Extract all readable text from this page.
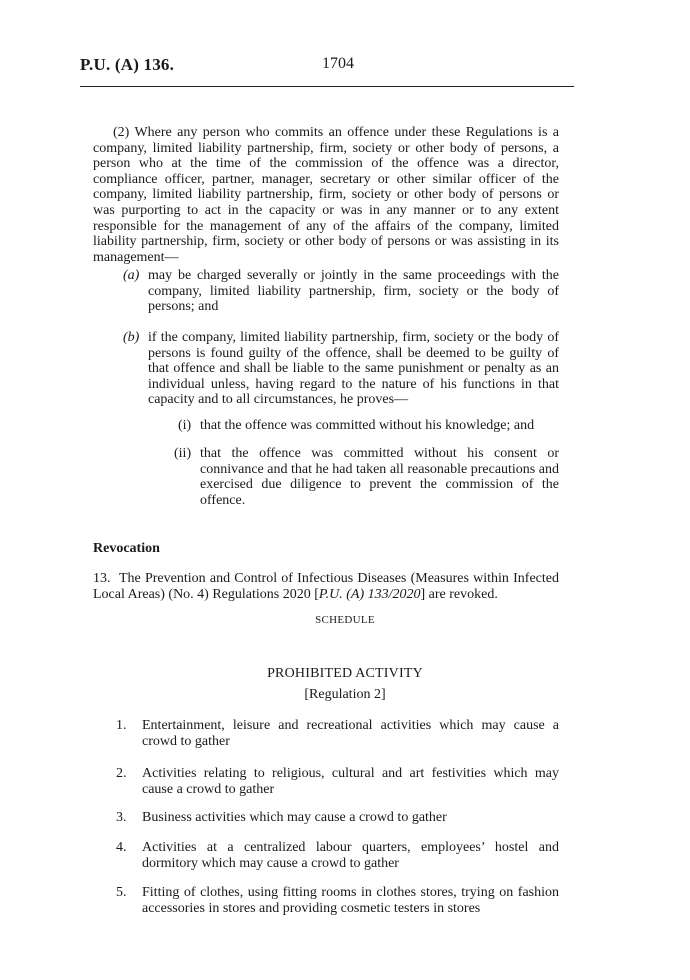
P.U. (A) 136.	1704

(2) Where any person who commits an offence under these Regulations is a company, limited liability partnership, firm, society or other body of persons, a person who at the time of the commission of the offence was a director, compliance officer, partner, manager, secretary or other similar officer of the company, limited liability partnership, firm, society or other body of persons or was purporting to act in the capacity or was in any manner or to any extent responsible for the management of any of the affairs of the company, limited liability partnership, firm, society or other body of persons or was assisting in its management—

(a) may be charged severally or jointly in the same proceedings with the company, limited liability partnership, firm, society or the body of persons; and

(b) if the company, limited liability partnership, firm, society or the body of persons is found guilty of the offence, shall be deemed to be guilty of that offence and shall be liable to the same punishment or penalty as an individual unless, having regard to the nature of his functions in that capacity and to all circumstances, he proves—

(i) that the offence was committed without his knowledge; and

(ii) that the offence was committed without his consent or connivance and that he had taken all reasonable precautions and exercised due diligence to prevent the commission of the offence.

Revocation

13. The Prevention and Control of Infectious Diseases (Measures within Infected Local Areas) (No. 4) Regulations 2020 [P.U. (A) 133/2020] are revoked.

SCHEDULE
PROHIBITED ACTIVITY
[Regulation 2]
1. Entertainment, leisure and recreational activities which may cause a crowd to gather

2. Activities relating to religious, cultural and art festivities which may cause a crowd to gather

3. Business activities which may cause a crowd to gather

4. Activities at a centralized labour quarters, employees’ hostel and dormitory which may cause a crowd to gather

5. Fitting of clothes, using fitting rooms in clothes stores, trying on fashion accessories in stores and providing cosmetic testers in stores
